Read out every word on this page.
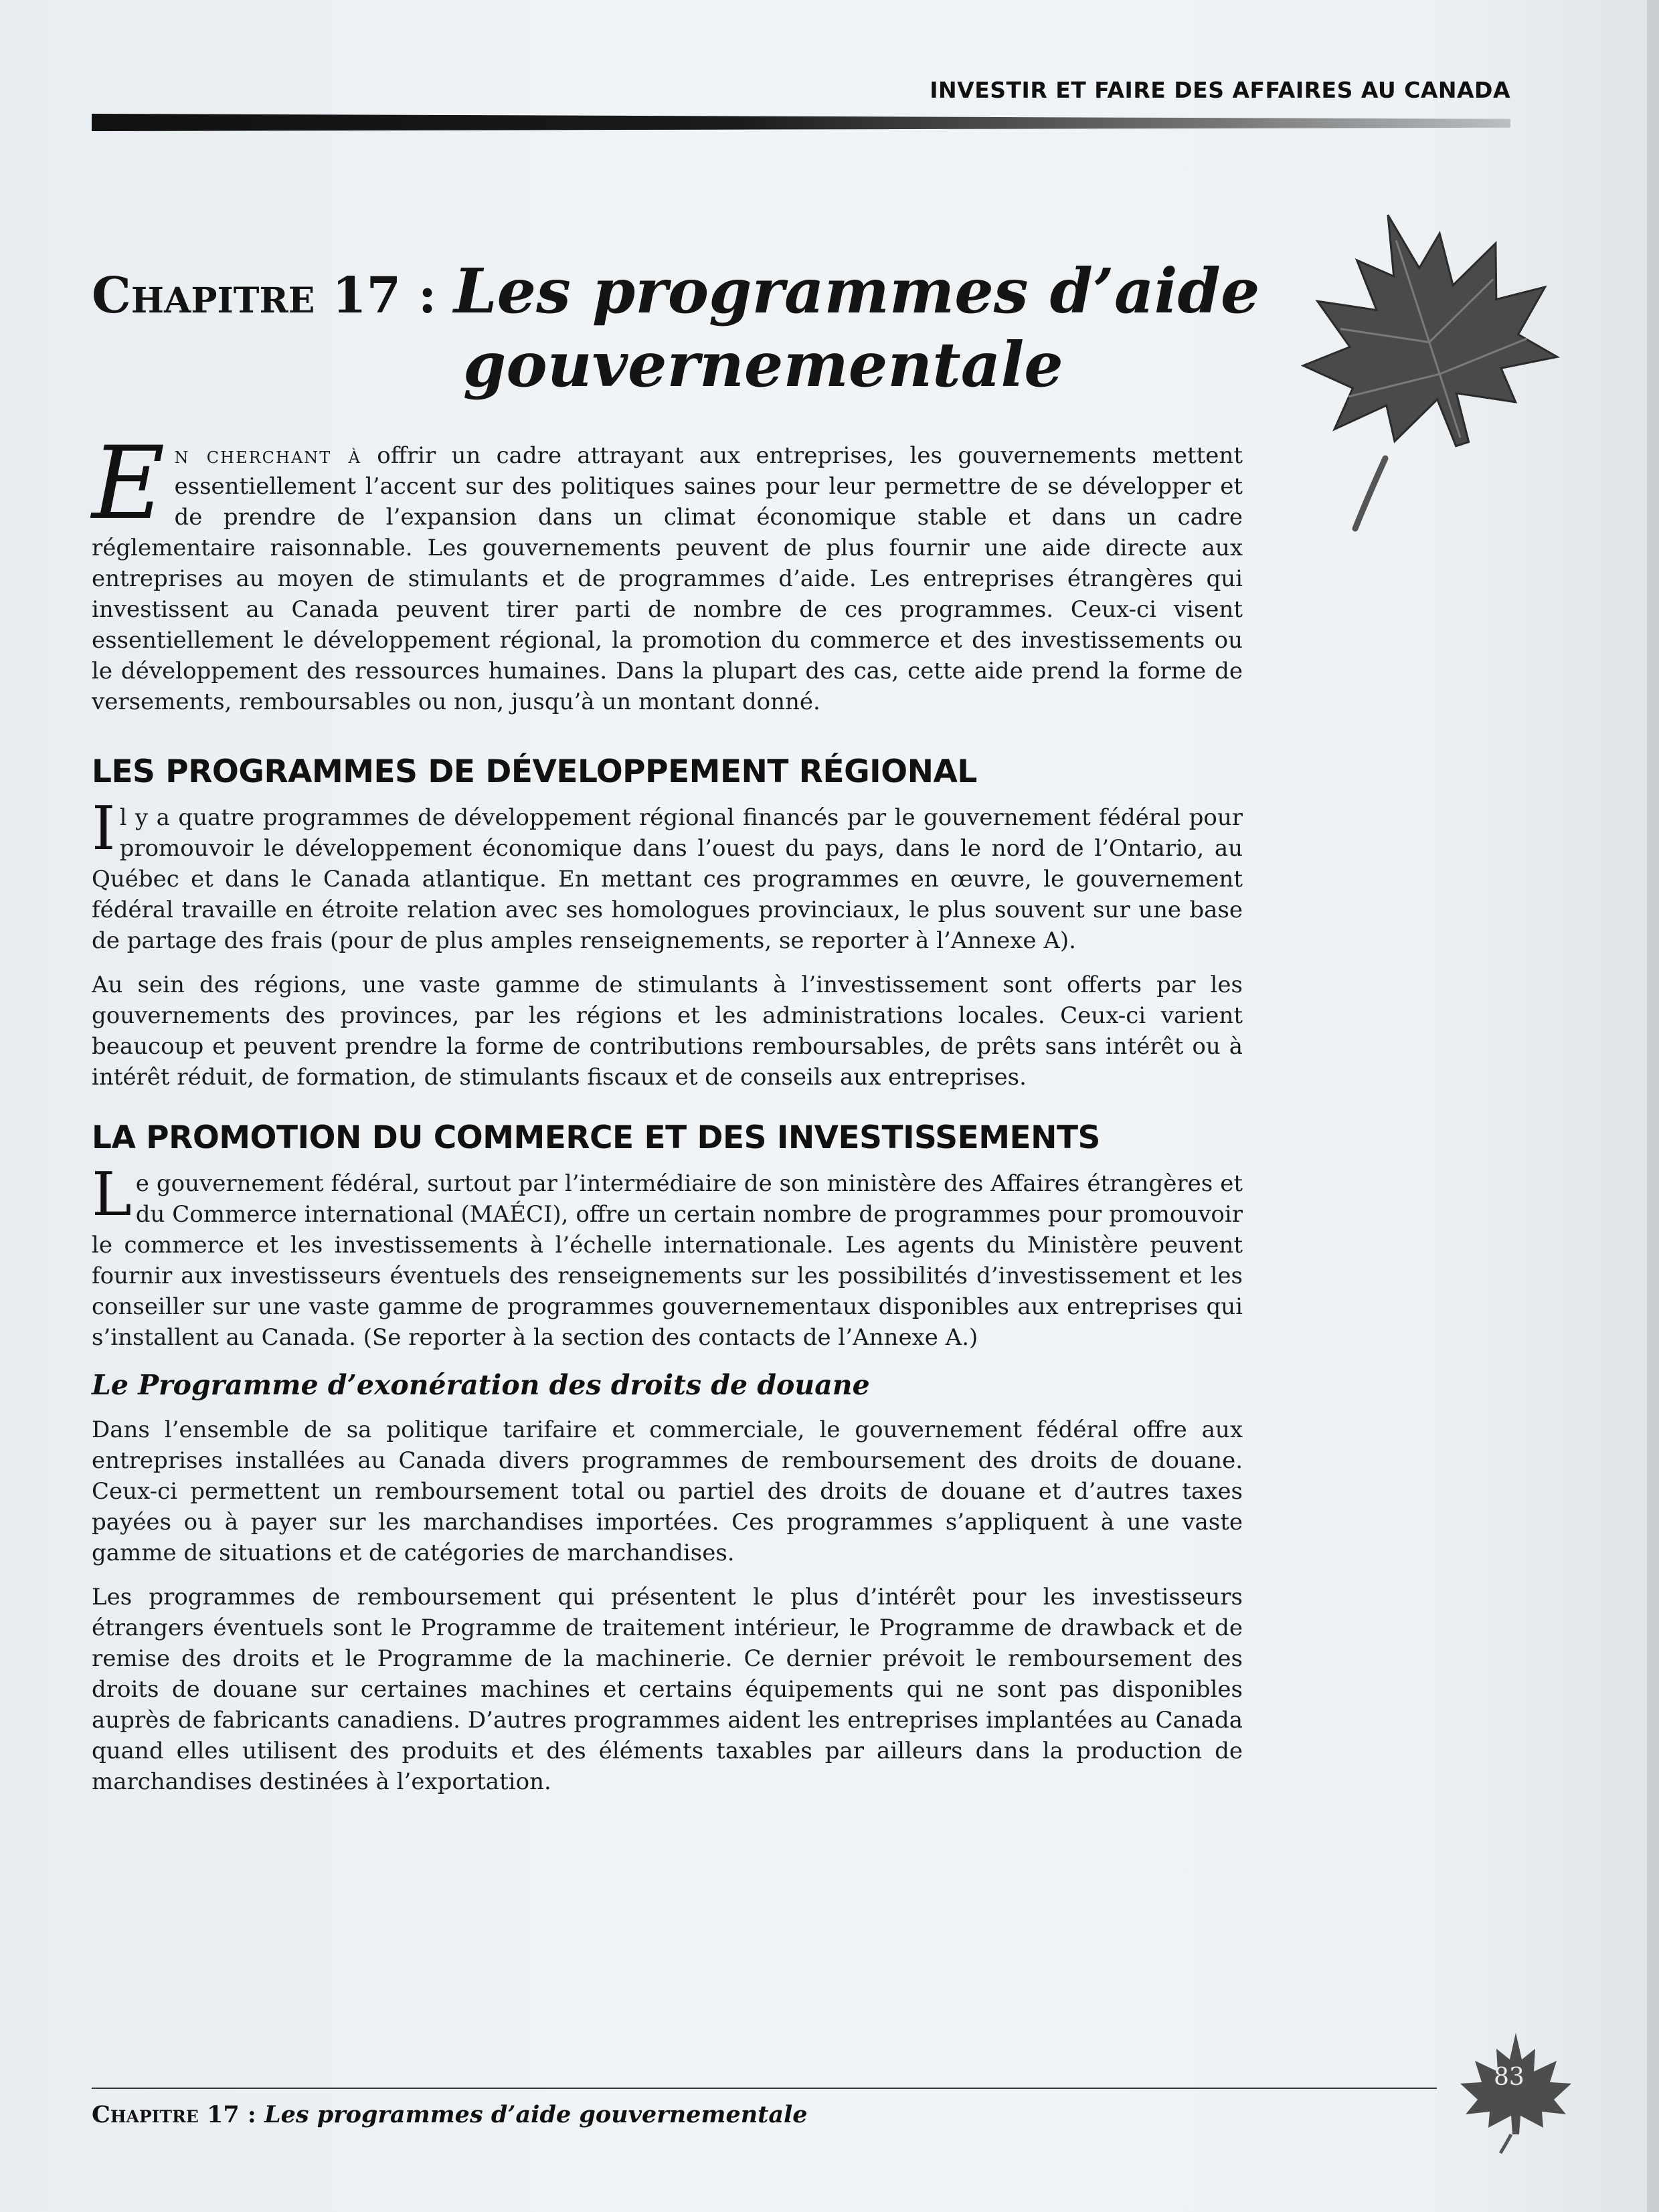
INVESTIR ET FAIRE DES AFFAIRES AU CANADA
Chapitre 17 : Les programmes d’aide
gouvernementale

En cherchant à offrir un cadre attrayant aux entreprises, les gouvernements mettent essentiellement l’accent sur des politiques saines pour leur permettre de se développer et de prendre de l’expansion dans un climat économique stable et dans un cadre réglementaire raisonnable. Les gouvernements peuvent de plus fournir une aide directe aux entreprises au moyen de stimulants et de programmes d’aide. Les entreprises étrangères qui investissent au Canada peuvent tirer parti de nombre de ces programmes. Ceux-ci visent essentiellement le développement régional, la promotion du commerce et des investissements ou le développement des ressources humaines. Dans la plupart des cas, cette aide prend la forme de versements, remboursables ou non, jusqu’à un montant donné.

LES PROGRAMMES DE DÉVELOPPEMENT RÉGIONAL

Il y a quatre programmes de développement régional financés par le gouvernement fédéral pour promouvoir le développement économique dans l’ouest du pays, dans le nord de l’Ontario, au Québec et dans le Canada atlantique. En mettant ces programmes en œuvre, le gouvernement fédéral travaille en étroite relation avec ses homologues provinciaux, le plus souvent sur une base de partage des frais (pour de plus amples renseignements, se reporter à l’Annexe A).

Au sein des régions, une vaste gamme de stimulants à l’investissement sont offerts par les gouvernements des provinces, par les régions et les administrations locales. Ceux-ci varient beaucoup et peuvent prendre la forme de contributions remboursables, de prêts sans intérêt ou à intérêt réduit, de formation, de stimulants fiscaux et de conseils aux entreprises.

LA PROMOTION DU COMMERCE ET DES INVESTISSEMENTS

Le gouvernement fédéral, surtout par l’intermédiaire de son ministère des Affaires étrangères et du Commerce international (MAÉCI), offre un certain nombre de programmes pour promouvoir le commerce et les investissements à l’échelle internationale. Les agents du Ministère peuvent fournir aux investisseurs éventuels des renseignements sur les possibilités d’investissement et les conseiller sur une vaste gamme de programmes gouvernementaux disponibles aux entreprises qui s’installent au Canada. (Se reporter à la section des contacts de l’Annexe A.)

Le Programme d’exonération des droits de douane

Dans l’ensemble de sa politique tarifaire et commerciale, le gouvernement fédéral offre aux entreprises installées au Canada divers programmes de remboursement des droits de douane. Ceux-ci permettent un remboursement total ou partiel des droits de douane et d’autres taxes payées ou à payer sur les marchandises importées. Ces programmes s’appliquent à une vaste gamme de situations et de catégories de marchandises.

Les programmes de remboursement qui présentent le plus d’intérêt pour les investisseurs étrangers éventuels sont le Programme de traitement intérieur, le Programme de drawback et de remise des droits et le Programme de la machinerie. Ce dernier prévoit le remboursement des droits de douane sur certaines machines et certains équipements qui ne sont pas disponibles auprès de fabricants canadiens. D’autres programmes aident les entreprises implantées au Canada quand elles utilisent des produits et des éléments taxables par ailleurs dans la production de marchandises destinées à l’exportation.

Chapitre 17 : Les programmes d’aide gouvernementale
83
